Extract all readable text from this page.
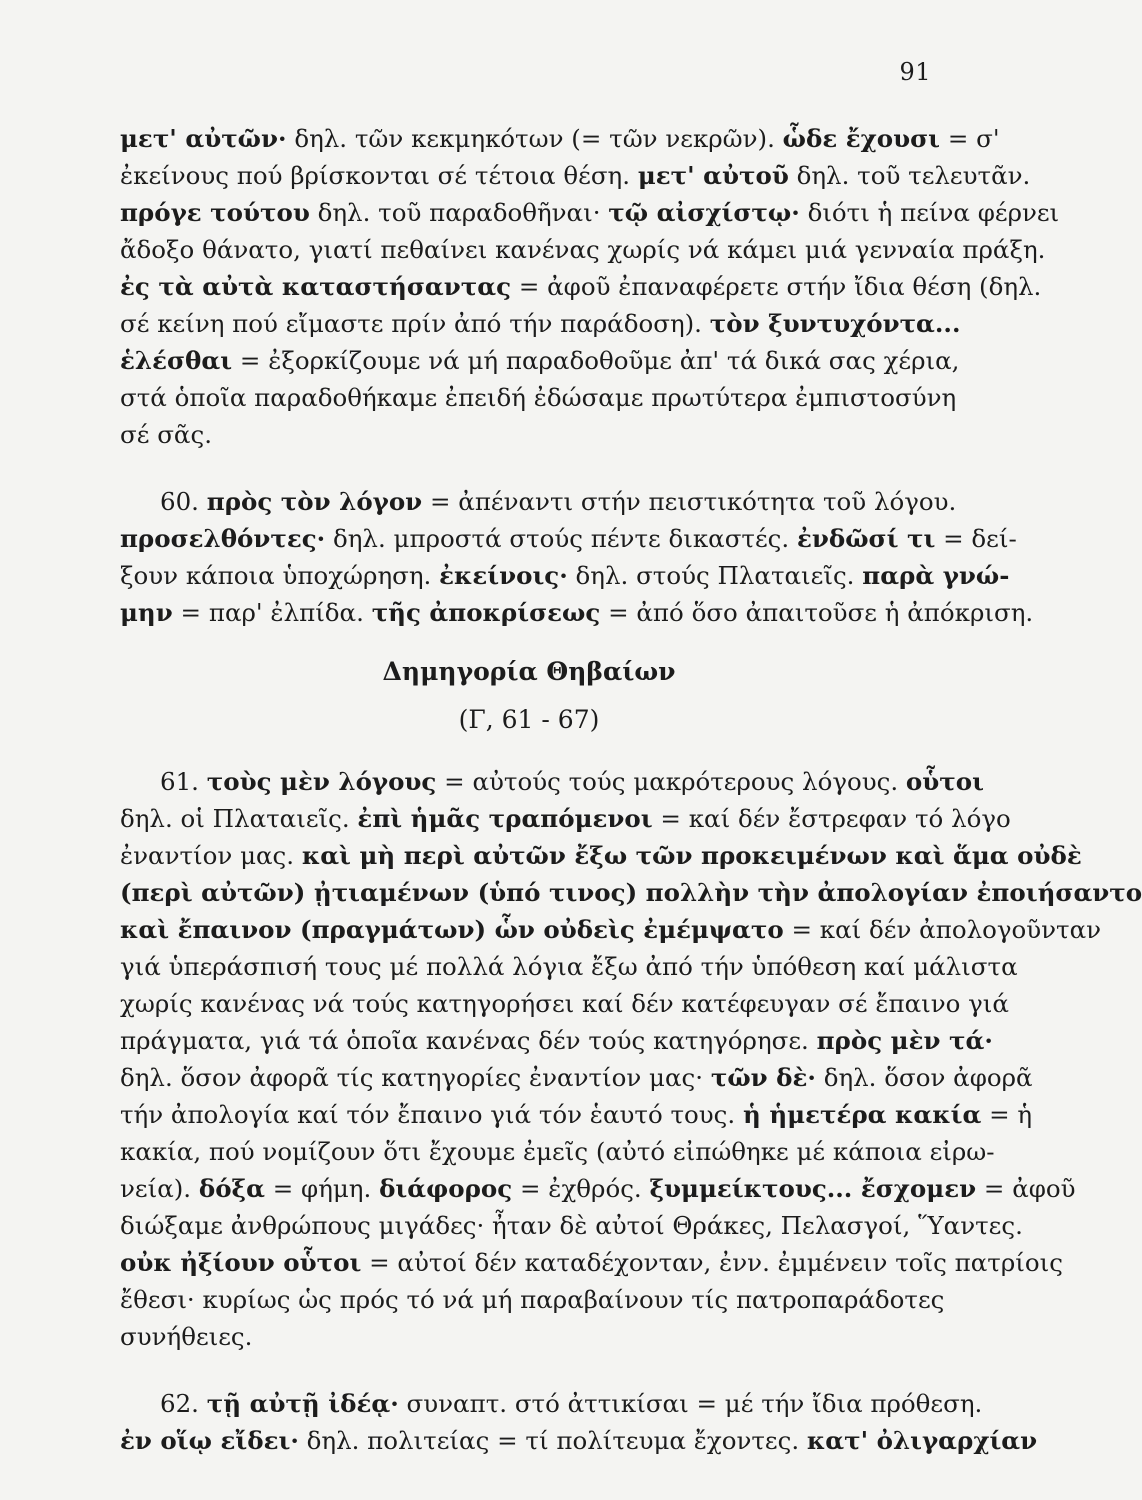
91
μετ' αὐτῶν· δηλ. τῶν κεκμηκότων (= τῶν νεκρῶν). ὧδε ἔχουσι = σ'
ἐκείνους πού βρίσκονται σέ τέτοια θέση. μετ' αὐτοῦ δηλ. τοῦ τελευτᾶν.
πρόγε τούτου δηλ. τοῦ παραδοθῆναι· τῷ αἰσχίστῳ· διότι ἡ πείνα φέρνει
ἄδοξο θάνατο, γιατί πεθαίνει κανένας χωρίς νά κάμει μιά γενναία πράξη.
ἐς τὰ αὐτὰ καταστήσαντας = ἀφοῦ ἐπαναφέρετε στήν ἴδια θέση (δηλ.
σέ κείνη πού εἴμαστε πρίν ἀπό τήν παράδοση). τὸν ξυντυχόντα...
ἑλέσθαι = ἐξορκίζουμε νά μή παραδοθοῦμε ἀπ' τά δικά σας χέρια,
στά ὁποῖα παραδοθήκαμε ἐπειδή ἐδώσαμε πρωτύτερα ἐμπιστοσύνη
σέ σᾶς.
60. πρὸς τὸν λόγον = ἀπέναντι στήν πειστικότητα τοῦ λόγου.
προσελθόντες· δηλ. μπροστά στούς πέντε δικαστές. ἐνδῶσί τι = δεί-
ξουν κάποια ὑποχώρηση. ἐκείνοις· δηλ. στούς Πλαταιεῖς. παρὰ γνώ-
μην = παρ' ἐλπίδα. τῆς ἀποκρίσεως = ἀπό ὅσο ἀπαιτοῦσε ἡ ἀπόκριση.
Δημηγορία Θηβαίων
(Γ, 61 - 67)
61. τοὺς μὲν λόγους = αὐτούς τούς μακρότερους λόγους. οὗτοι
δηλ. οἱ Πλαταιεῖς. ἐπὶ ἡμᾶς τραπόμενοι = καί δέν ἔστρεφαν τό λόγο
ἐναντίον μας. καὶ μὴ περὶ αὐτῶν ἔξω τῶν προκειμένων καὶ ἅμα οὐδὲ
(περὶ αὐτῶν) ᾐτιαμένων (ὑπό τινος) πολλὴν τὴν ἀπολογίαν ἐποιήσαντο
καὶ ἔπαινον (πραγμάτων) ὧν οὐδεὶς ἐμέμψατο = καί δέν ἀπολογοῦνταν
γιά ὑπεράσπισή τους μέ πολλά λόγια ἔξω ἀπό τήν ὑπόθεση καί μάλιστα
χωρίς κανένας νά τούς κατηγορήσει καί δέν κατέφευγαν σέ ἔπαινο γιά
πράγματα, γιά τά ὁποῖα κανένας δέν τούς κατηγόρησε. πρὸς μὲν τά·
δηλ. ὅσον ἀφορᾶ τίς κατηγορίες ἐναντίον μας· τῶν δὲ· δηλ. ὅσον ἀφορᾶ
τήν ἀπολογία καί τόν ἔπαινο γιά τόν ἑαυτό τους. ἡ ἡμετέρα κακία = ἡ
κακία, πού νομίζουν ὅτι ἔχουμε ἐμεῖς (αὐτό εἰπώθηκε μέ κάποια εἰρω-
νεία). δόξα = φήμη. διάφορος = ἐχθρός. ξυμμείκτους... ἔσχομεν = ἀφοῦ
διώξαμε ἀνθρώπους μιγάδες· ἦταν δὲ αὐτοί Θράκες, Πελασγοί, Ὕαντες.
οὐκ ἠξίουν οὗτοι = αὐτοί δέν καταδέχονταν, ἐνν. ἐμμένειν τοῖς πατρίοις
ἔθεσι· κυρίως ὡς πρός τό νά μή παραβαίνουν τίς πατροπαράδοτες
συνήθειες.
62. τῇ αὐτῇ ἰδέᾳ· συναπτ. στό ἀττικίσαι = μέ τήν ἴδια πρόθεση.
ἐν οἵῳ εἴδει· δηλ. πολιτείας = τί πολίτευμα ἔχοντες. κατ' ὀλιγαρχίαν
